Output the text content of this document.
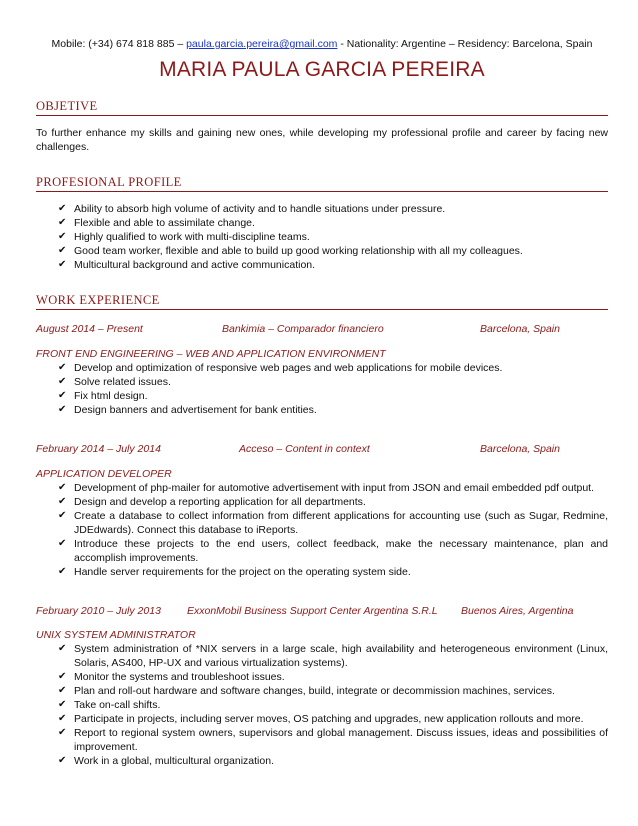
Mobile: (+34) 674 818 885 – paula.garcia.pereira@gmail.com - Nationality: Argentine – Residency: Barcelona, Spain
MARIA PAULA GARCIA PEREIRA
OBJETIVE

To further enhance my skills and gaining new ones, while developing my professional profile and career by facing new challenges.

PROFESIONAL PROFILE
✔ Ability to absorb high volume of activity and to handle situations under pressure.
✔ Flexible and able to assimilate change.
✔ Highly qualified to work with multi-discipline teams.
✔ Good team worker, flexible and able to build up good working relationship with all my colleagues.
✔ Multicultural background and active communication.
WORK EXPERIENCE
August 2014 – Present	Bankimia – Comparador financiero	Barcelona, Spain
FRONT END ENGINEERING – WEB AND APPLICATION ENVIRONMENT
✔ Develop and optimization of responsive web pages and web applications for mobile devices.
✔ Solve related issues.
✔ Fix html design.
✔ Design banners and advertisement for bank entities.
February 2014 – July 2014	Acceso – Content in context	Barcelona, Spain
APPLICATION DEVELOPER
✔ Development of php-mailer for automotive advertisement with input from JSON and email embedded pdf output.
✔ Design and develop a reporting application for all departments.
✔ Create a database to collect information from different applications for accounting use (such as Sugar, Redmine, JDEdwards). Connect this database to iReports.
✔ Introduce these projects to the end users, collect feedback, make the necessary maintenance, plan and accomplish improvements.
✔ Handle server requirements for the project on the operating system side.
February 2010 – July 2013 ExxonMobil Business Support Center Argentina S.R.L Buenos Aires, Argentina
UNIX SYSTEM ADMINISTRATOR
✔ System administration of *NIX servers in a large scale, high availability and heterogeneous environment (Linux, Solaris, AS400, HP-UX and various virtualization systems).
✔ Monitor the systems and troubleshoot issues.
✔ Plan and roll-out hardware and software changes, build, integrate or decommission machines, services.
✔ Take on-call shifts.
✔ Participate in projects, including server moves, OS patching and upgrades, new application rollouts and more.
✔ Report to regional system owners, supervisors and global management. Discuss issues, ideas and possibilities of improvement.
✔ Work in a global, multicultural organization.
